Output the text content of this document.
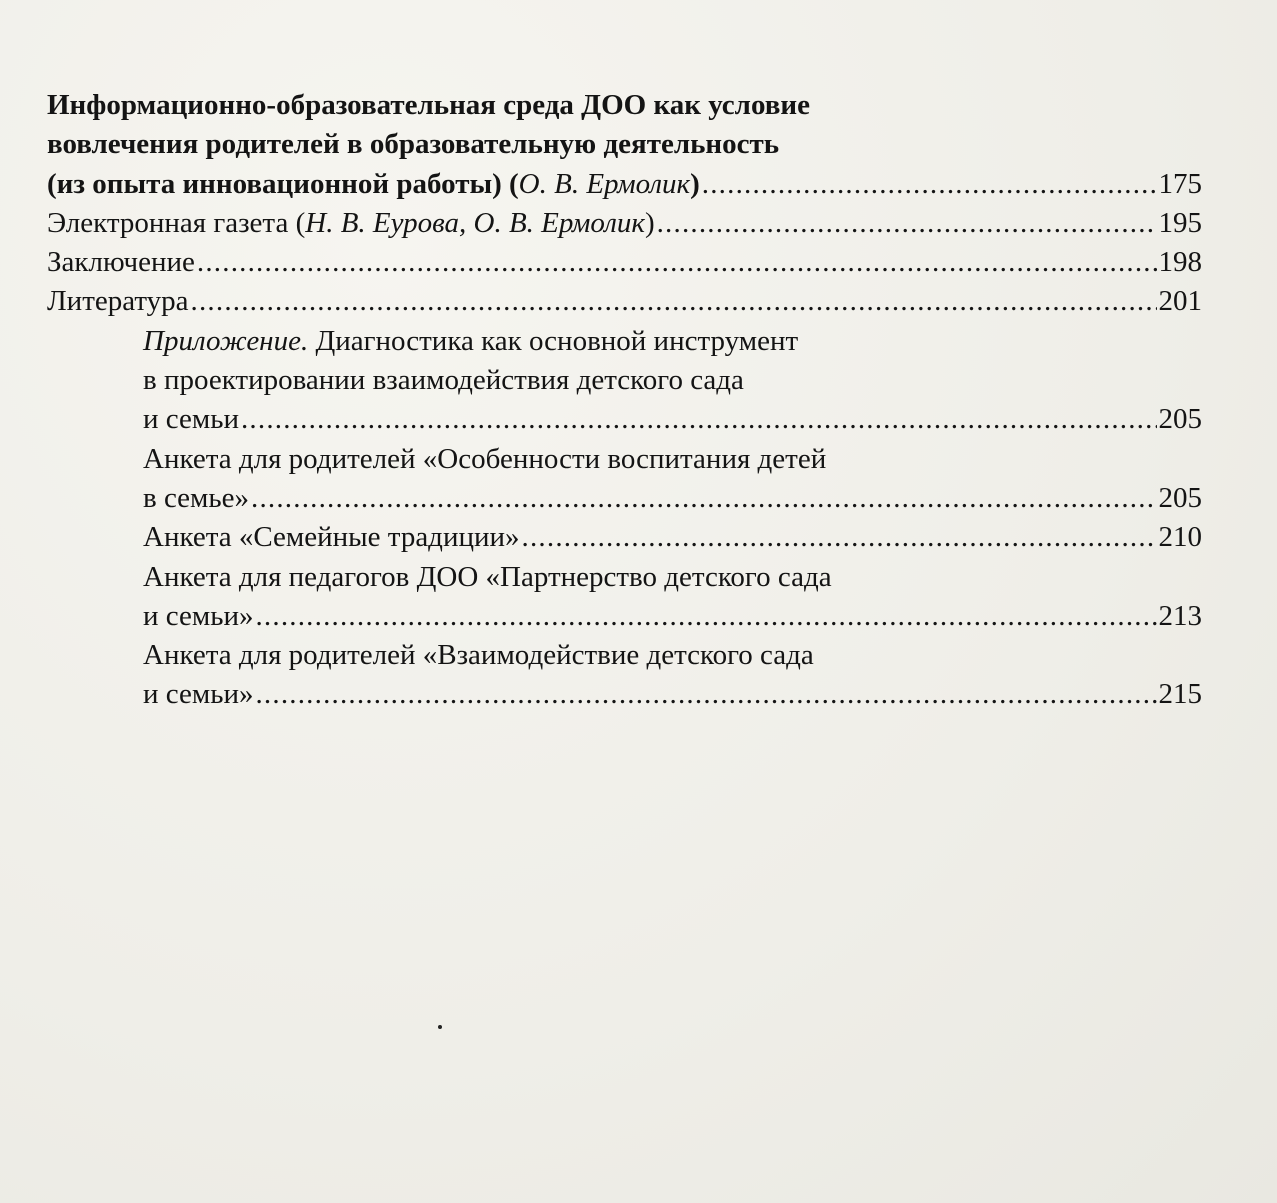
Информационно-образовательная среда ДОО как условие
вовлечения родителей в образовательную деятельность
(из опыта инновационной работы) (О. В. Ермолик) .....	175
Электронная газета (Н. В. Еурова, О. В. Ермолик) .....	195
Заключение .....	198
Литература .....	201
Приложение. Диагностика как основной инструмент
в проектировании взаимодействия детского сада
и семьи .....	205
Анкета для родителей «Особенности воспитания детей
в семье» .....	205
Анкета «Семейные традиции» .....	210
Анкета для педагогов ДОО «Партнерство детского сада
и семьи» .....	213
Анкета для родителей «Взаимодействие детского сада
и семьи» .....	215
